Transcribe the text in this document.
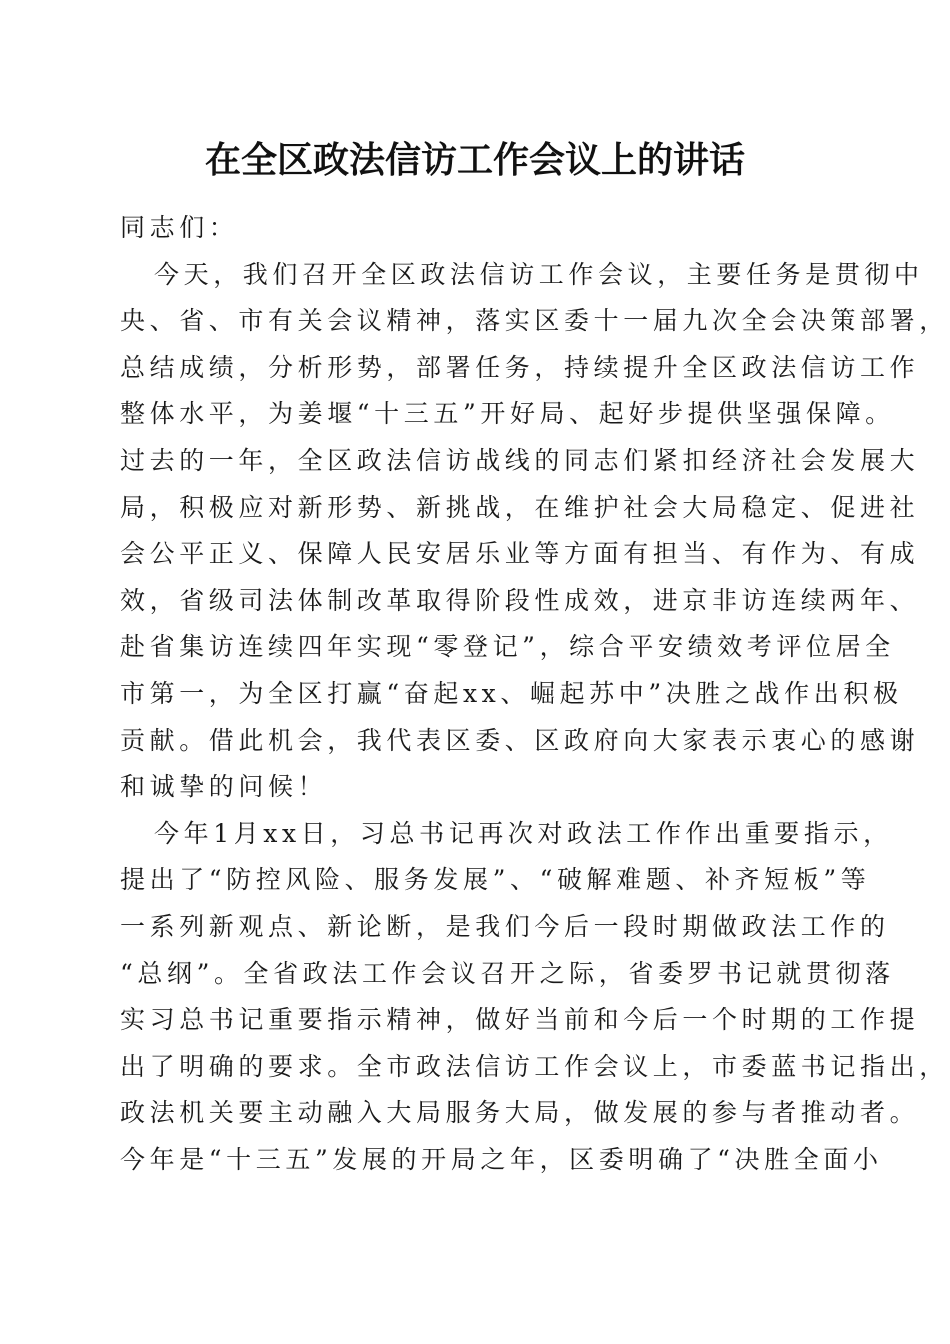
在全区政法信访工作会议上的讲话
同志们：
今天，我们召开全区政法信访工作会议，主要任务是贯彻中
央、省、市有关会议精神，落实区委十一届九次全会决策部署，
总结成绩，分析形势，部署任务，持续提升全区政法信访工作
整体水平，为姜堰“十三五”开好局、起好步提供坚强保障。
过去的一年，全区政法信访战线的同志们紧扣经济社会发展大
局，积极应对新形势、新挑战，在维护社会大局稳定、促进社
会公平正义、保障人民安居乐业等方面有担当、有作为、有成
效，省级司法体制改革取得阶段性成效，进京非访连续两年、
赴省集访连续四年实现“零登记”，综合平安绩效考评位居全
市第一，为全区打赢“奋起xx、崛起苏中”决胜之战作出积极
贡献。借此机会，我代表区委、区政府向大家表示衷心的感谢
和诚挚的问候！
今年1月xx日，习总书记再次对政法工作作出重要指示，
提出了“防控风险、服务发展”、“破解难题、补齐短板”等
一系列新观点、新论断，是我们今后一段时期做政法工作的
“总纲”。全省政法工作会议召开之际，省委罗书记就贯彻落
实习总书记重要指示精神，做好当前和今后一个时期的工作提
出了明确的要求。全市政法信访工作会议上，市委蓝书记指出，
政法机关要主动融入大局服务大局，做发展的参与者推动者。
今年是“十三五”发展的开局之年，区委明确了“决胜全面小
